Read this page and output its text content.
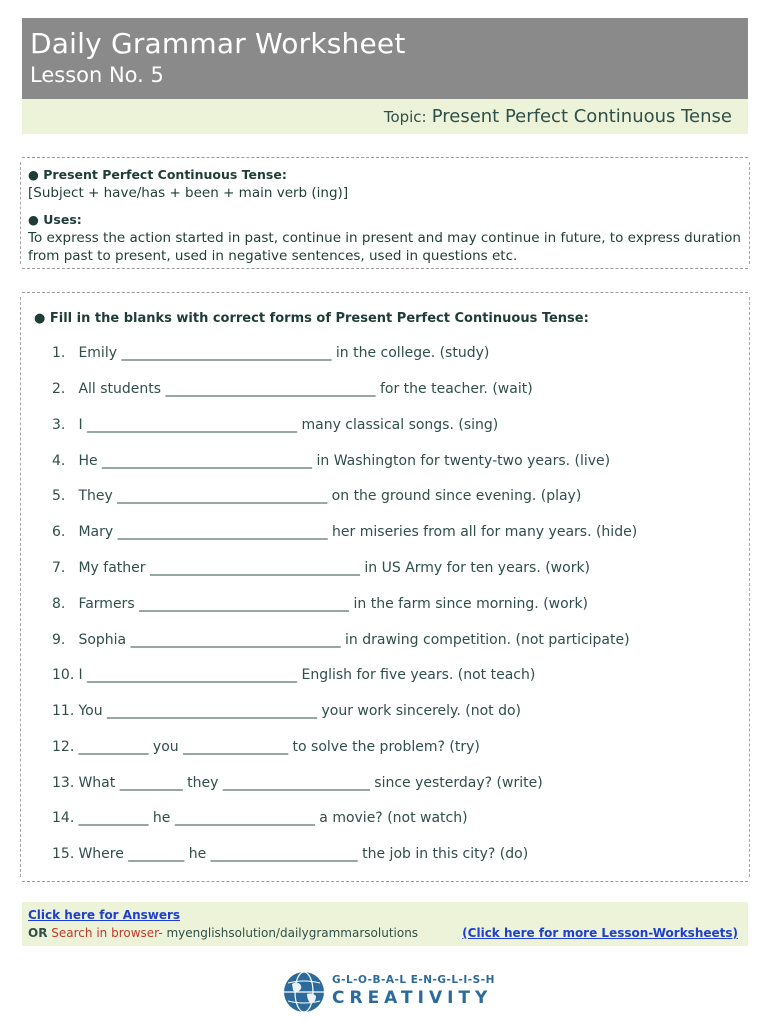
Daily Grammar Worksheet
Lesson No. 5
Topic: Present Perfect Continuous Tense
● Present Perfect Continuous Tense:
[Subject + have/has + been + main verb (ing)]
● Uses:
To express the action started in past, continue in present and may continue in future, to express duration from past to present, used in negative sentences, used in questions etc.
● Fill in the blanks with correct forms of Present Perfect Continuous Tense:
1. Emily ______________________________ in the college. (study)
2. All students ______________________________ for the teacher. (wait)
3. I ______________________________ many classical songs. (sing)
4. He ______________________________ in Washington for twenty-two years. (live)
5. They ______________________________ on the ground since evening. (play)
6. Mary ______________________________ her miseries from all for many years. (hide)
7. My father ______________________________ in US Army for ten years. (work)
8. Farmers ______________________________ in the farm since morning. (work)
9. Sophia ______________________________ in drawing competition. (not participate)
10. I ______________________________ English for five years. (not teach)
11. You ______________________________ your work sincerely. (not do)
12. __________ you _______________ to solve the problem? (try)
13. What _________ they _____________________ since yesterday? (write)
14. __________ he ____________________ a movie? (not watch)
15. Where ________ he _____________________ the job in this city? (do)
Click here for Answers
OR Search in browser- myenglishsolution/dailygrammarsolutions	(Click here for more Lesson-Worksheets)
G-L-O-B-A-L E-N-G-L-I-S-H
CREATIVITY
